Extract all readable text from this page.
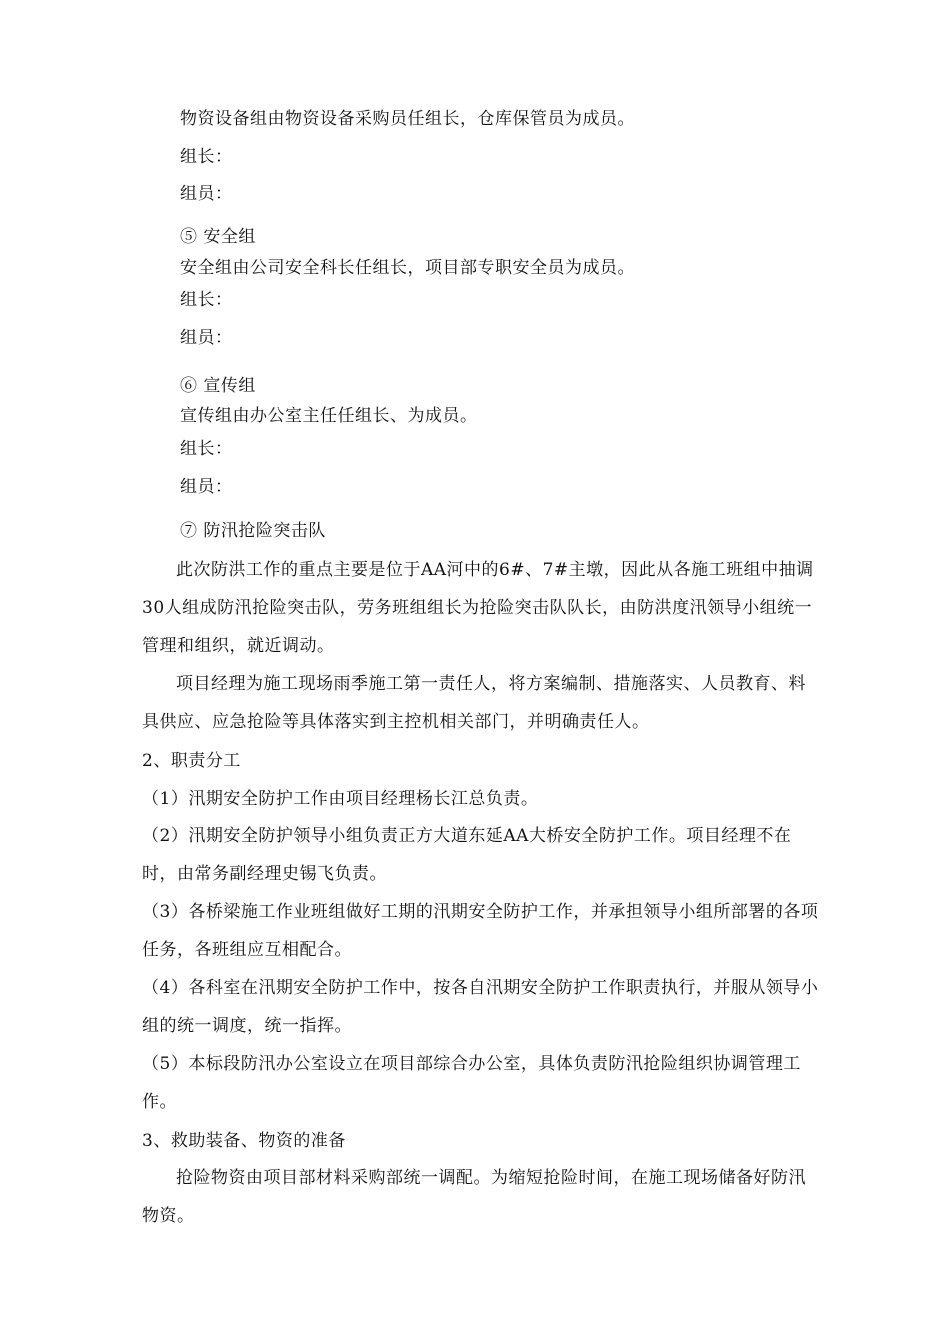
物资设备组由物资设备采购员任组长，仓库保管员为成员。
组长：
组员：
⑤ 安全组
安全组由公司安全科长任组长，项目部专职安全员为成员。
组长：
组员：
⑥ 宣传组
宣传组由办公室主任任组长、为成员。
组长：
组员：
⑦ 防汛抢险突击队
此次防洪工作的重点主要是位于AA河中的6#、7#主墩，因此从各施工班组中抽调30人组成防汛抢险突击队，劳务班组组长为抢险突击队队长，由防洪度汛领导小组统一管理和组织，就近调动。
项目经理为施工现场雨季施工第一责任人，将方案编制、措施落实、人员教育、料具供应、应急抢险等具体落实到主控机相关部门，并明确责任人。
2、职责分工
（1）汛期安全防护工作由项目经理杨长江总负责。
（2）汛期安全防护领导小组负责正方大道东延AA大桥安全防护工作。项目经理不在时，由常务副经理史锡飞负责。
（3）各桥梁施工作业班组做好工期的汛期安全防护工作，并承担领导小组所部署的各项任务，各班组应互相配合。
（4）各科室在汛期安全防护工作中，按各自汛期安全防护工作职责执行，并服从领导小组的统一调度，统一指挥。
（5）本标段防汛办公室设立在项目部综合办公室，具体负责防汛抢险组织协调管理工作。
3、救助装备、物资的准备
抢险物资由项目部材料采购部统一调配。为缩短抢险时间，在施工现场储备好防汛物资。
